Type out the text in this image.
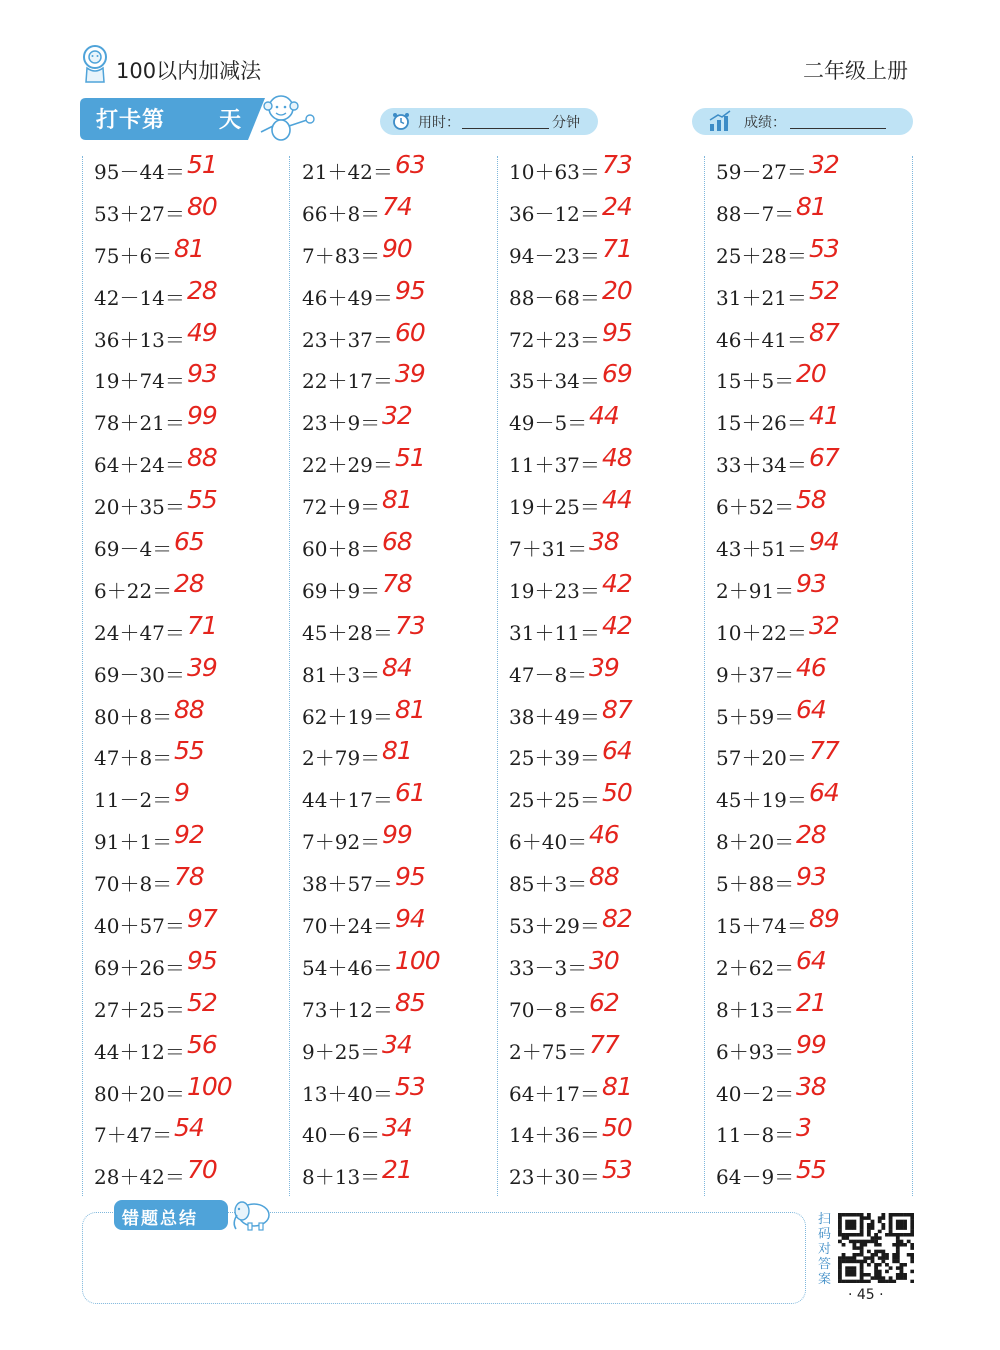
100以内加减法	二年级上册
打卡第 天	用时：	分钟	成绩：
95－44＝ 51
53＋27＝ 80
75＋6＝ 81
42－14＝ 28
36＋13＝ 49
19＋74＝ 93
78＋21＝ 99
64＋24＝ 88
20＋35＝ 55
69－4＝ 65
6＋22＝ 28
24＋47＝ 71
69－30＝ 39
80＋8＝ 88
47＋8＝ 55
11－2＝ 9
91＋1＝ 92
70＋8＝ 78
40＋57＝ 97
69＋26＝ 95
27＋25＝ 52
44＋12＝ 56
80＋20＝ 100
7＋47＝ 54
28＋42＝ 70
21＋42＝ 63
66＋8＝ 74
7＋83＝ 90
46＋49＝ 95
23＋37＝ 60
22＋17＝ 39
23＋9＝ 32
22＋29＝ 51
72＋9＝ 81
60＋8＝ 68
69＋9＝ 78
45＋28＝ 73
81＋3＝ 84
62＋19＝ 81
2＋79＝ 81
44＋17＝ 61
7＋92＝ 99
38＋57＝ 95
70＋24＝ 94
54＋46＝ 100
73＋12＝ 85
9＋25＝ 34
13＋40＝ 53
40－6＝ 34
8＋13＝ 21
10＋63＝ 73
36－12＝ 24
94－23＝ 71
88－68＝ 20
72＋23＝ 95
35＋34＝ 69
49－5＝ 44
11＋37＝ 48
19＋25＝ 44
7＋31＝ 38
19＋23＝ 42
31＋11＝ 42
47－8＝ 39
38＋49＝ 87
25＋39＝ 64
25＋25＝ 50
6＋40＝ 46
85＋3＝ 88
53＋29＝ 82
33－3＝ 30
70－8＝ 62
2＋75＝ 77
64＋17＝ 81
14＋36＝ 50
23＋30＝ 53
59－27＝ 32
88－7＝ 81
25＋28＝ 53
31＋21＝ 52
46＋41＝ 87
15＋5＝ 20
15＋26＝ 41
33＋34＝ 67
6＋52＝ 58
43＋51＝ 94
2＋91＝ 93
10＋22＝ 32
9＋37＝ 46
5＋59＝ 64
57＋20＝ 77
45＋19＝ 64
8＋20＝ 28
5＋88＝ 93
15＋74＝ 89
2＋62＝ 64
8＋13＝ 21
6＋93＝ 99
40－2＝ 38
11－8＝ 3
64－9＝ 55
错题总结	扫码对答案
· 45 ·
